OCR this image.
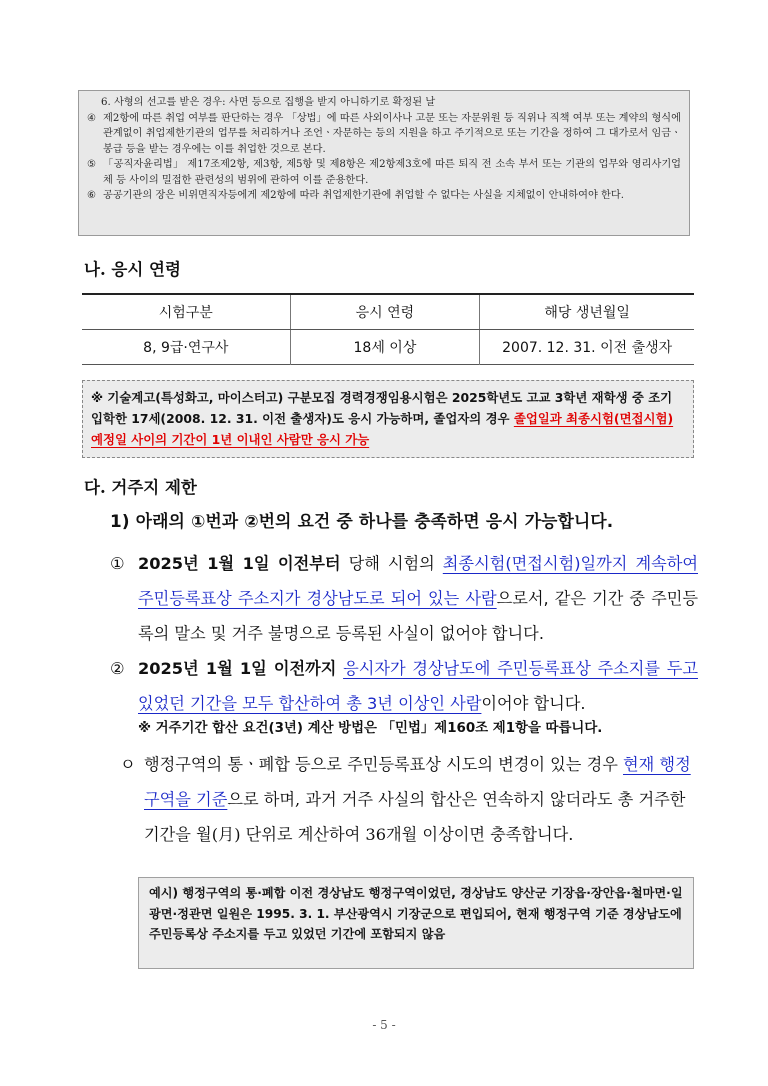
6. 사형의 선고를 받은 경우: 사면 등으로 집행을 받지 아니하기로 확정된 날
④ 제2항에 따른 취업 여부를 판단하는 경우 「상법」에 따른 사외이사나 고문 또는 자문위원 등 직위나 직책 여부 또는 계약의 형식에 관계없이 취업제한기관의 업무를 처리하거나 조언ㆍ자문하는 등의 지원을 하고 주기적으로 또는 기간을 정하여 그 대가로서 임금ㆍ봉급 등을 받는 경우에는 이를 취업한 것으로 본다.
⑤ 「공직자윤리법」 제17조제2항, 제3항, 제5항 및 제8항은 제2항제3호에 따른 퇴직 전 소속 부서 또는 기관의 업무와 영리사기업체 등 사이의 밀접한 관련성의 범위에 관하여 이를 준용한다.
⑥ 공공기관의 장은 비위면직자등에게 제2항에 따라 취업제한기관에 취업할 수 없다는 사실을 지체없이 안내하여야 한다.
나. 응시 연령
시험구분	응시 연령	해당 생년월일
8, 9급·연구사	18세 이상	2007. 12. 31. 이전 출생자
※ 기술계고(특성화고, 마이스터고) 구분모집 경력경쟁임용시험은 2025학년도 고교 3학년 재학생 중 조기 입학한 17세(2008. 12. 31. 이전 출생자)도 응시 가능하며, 졸업자의 경우 졸업일과 최종시험(면접시험)예정일 사이의 기간이 1년 이내인 사람만 응시 가능
다. 거주지 제한
1) 아래의 ①번과 ②번의 요건 중 하나를 충족하면 응시 가능합니다.
① 2025년 1월 1일 이전부터 당해 시험의 최종시험(면접시험)일까지 계속하여 주민등록표상 주소지가 경상남도로 되어 있는 사람으로서, 같은 기간 중 주민등록의 말소 및 거주 불명으로 등록된 사실이 없어야 합니다.
② 2025년 1월 1일 이전까지 응시자가 경상남도에 주민등록표상 주소지를 두고 있었던 기간을 모두 합산하여 총 3년 이상인 사람이어야 합니다.
※ 거주기간 합산 요건(3년) 계산 방법은 「민법」제160조 제1항을 따릅니다.
ㅇ 행정구역의 통ㆍ폐합 등으로 주민등록표상 시도의 변경이 있는 경우 현재 행정구역을 기준으로 하며, 과거 거주 사실의 합산은 연속하지 않더라도 총 거주한 기간을 월(月) 단위로 계산하여 36개월 이상이면 충족합니다.
예시) 행정구역의 통·폐합 이전 경상남도 행정구역이었던, 경상남도 양산군 기장읍·장안읍·철마면·일광면·정관면 일원은 1995. 3. 1. 부산광역시 기장군으로 편입되어, 현재 행정구역 기준 경상남도에 주민등록상 주소지를 두고 있었던 기간에 포함되지 않음
- 5 -
